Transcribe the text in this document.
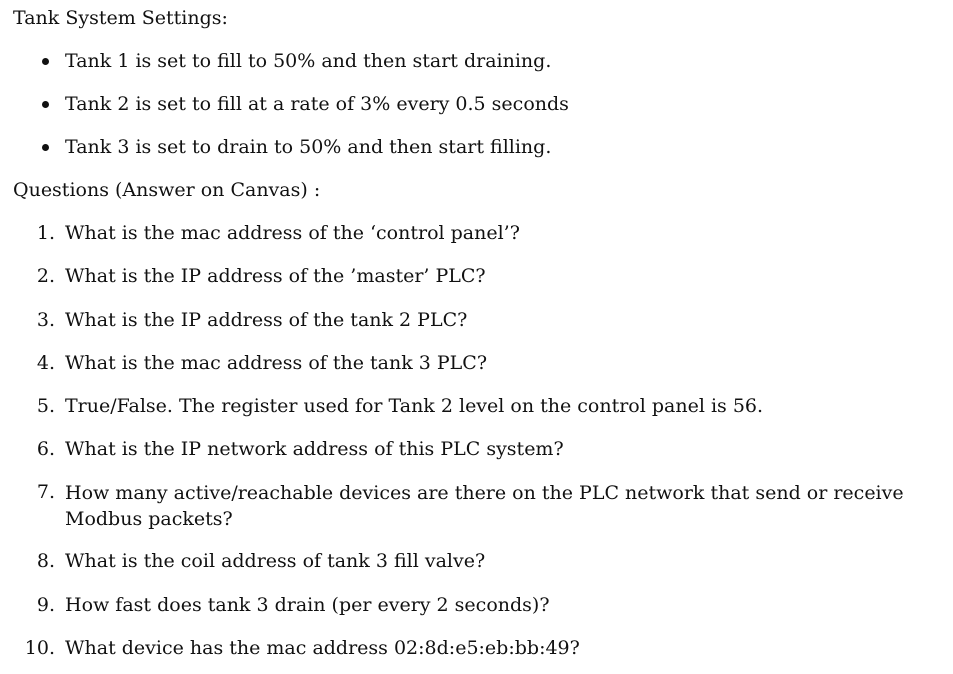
Tank System Settings:
Tank 1 is set to fill to 50% and then start draining.
Tank 2 is set to fill at a rate of 3% every 0.5 seconds
Tank 3 is set to drain to 50% and then start filling.
Questions (Answer on Canvas) :
1. What is the mac address of the ‘control panel’?
2. What is the IP address of the ’master’ PLC?
3. What is the IP address of the tank 2 PLC?
4. What is the mac address of the tank 3 PLC?
5. True/False. The register used for Tank 2 level on the control panel is 56.
6. What is the IP network address of this PLC system?
7. How many active/reachable devices are there on the PLC network that send or receive Modbus packets?
8. What is the coil address of tank 3 fill valve?
9. How fast does tank 3 drain (per every 2 seconds)?
10. What device has the mac address 02:8d:e5:eb:bb:49?
